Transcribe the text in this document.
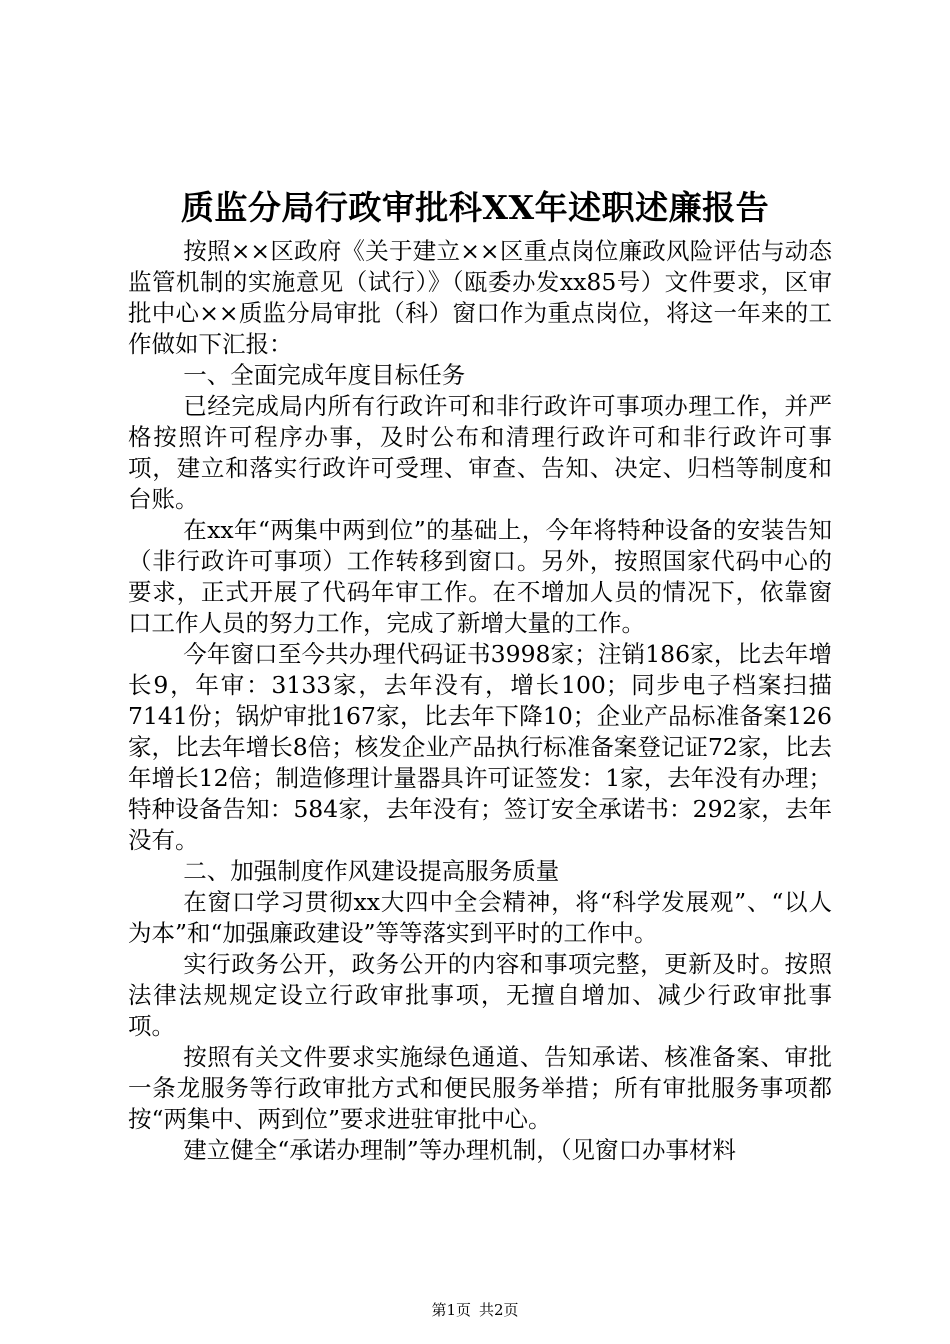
质监分局行政审批科XX年述职述廉报告

按照××区政府《关于建立××区重点岗位廉政风险评估与动态监管机制的实施意见（试行）》（瓯委办发xx85号）文件要求，区审批中心××质监分局审批（科）窗口作为重点岗位，将这一年来的工作做如下汇报：

一、全面完成年度目标任务

已经完成局内所有行政许可和非行政许可事项办理工作，并严格按照许可程序办事，及时公布和清理行政许可和非行政许可事项，建立和落实行政许可受理、审查、告知、决定、归档等制度和台账。

在xx年“两集中两到位”的基础上，今年将特种设备的安装告知（非行政许可事项）工作转移到窗口。另外，按照国家代码中心的要求，正式开展了代码年审工作。在不增加人员的情况下，依靠窗口工作人员的努力工作，完成了新增大量的工作。

今年窗口至今共办理代码证书3998家；注销186家，比去年增长9，年审：3133家，去年没有，增长100；同步电子档案扫描7141份；锅炉审批167家，比去年下降10；企业产品标准备案126家，比去年增长8倍；核发企业产品执行标准备案登记证72家，比去年增长12倍；制造修理计量器具许可证签发：1家，去年没有办理；特种设备告知：584家，去年没有；签订安全承诺书：292家，去年没有。

二、加强制度作风建设提高服务质量

在窗口学习贯彻xx大四中全会精神，将“科学发展观”、“以人为本”和“加强廉政建设”等等落实到平时的工作中。

实行政务公开，政务公开的内容和事项完整，更新及时。按照法律法规规定设立行政审批事项，无擅自增加、减少行政审批事项。

按照有关文件要求实施绿色通道、告知承诺、核准备案、审批一条龙服务等行政审批方式和便民服务举措；所有审批服务事项都按“两集中、两到位”要求进驻审批中心。

建立健全“承诺办理制”等办理机制，（见窗口办事材料

第1页 共2页
